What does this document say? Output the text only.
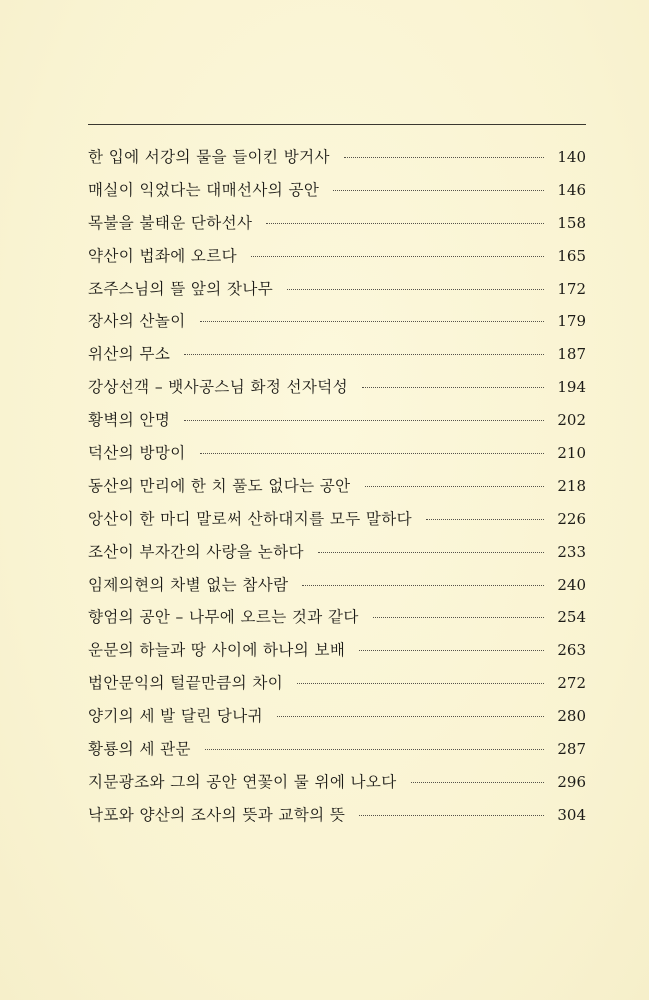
한 입에 서강의 물을 들이킨 방거사	140
매실이 익었다는 대매선사의 공안	146
목불을 불태운 단하선사	158
약산이 법좌에 오르다	165
조주스님의 뜰 앞의 잣나무	172
장사의 산놀이	179
위산의 무소	187
강상선객 – 뱃사공스님 화정 선자덕성	194
황벽의 안명	202
덕산의 방망이	210
동산의 만리에 한 치 풀도 없다는 공안	218
앙산이 한 마디 말로써 산하대지를 모두 말하다	226
조산이 부자간의 사랑을 논하다	233
임제의현의 차별 없는 참사람	240
향엄의 공안 – 나무에 오르는 것과 같다	254
운문의 하늘과 땅 사이에 하나의 보배	263
법안문익의 털끝만큼의 차이	272
양기의 세 발 달린 당나귀	280
황룡의 세 관문	287
지문광조와 그의 공안 연꽃이 물 위에 나오다	296
낙포와 양산의 조사의 뜻과 교학의 뜻	304
